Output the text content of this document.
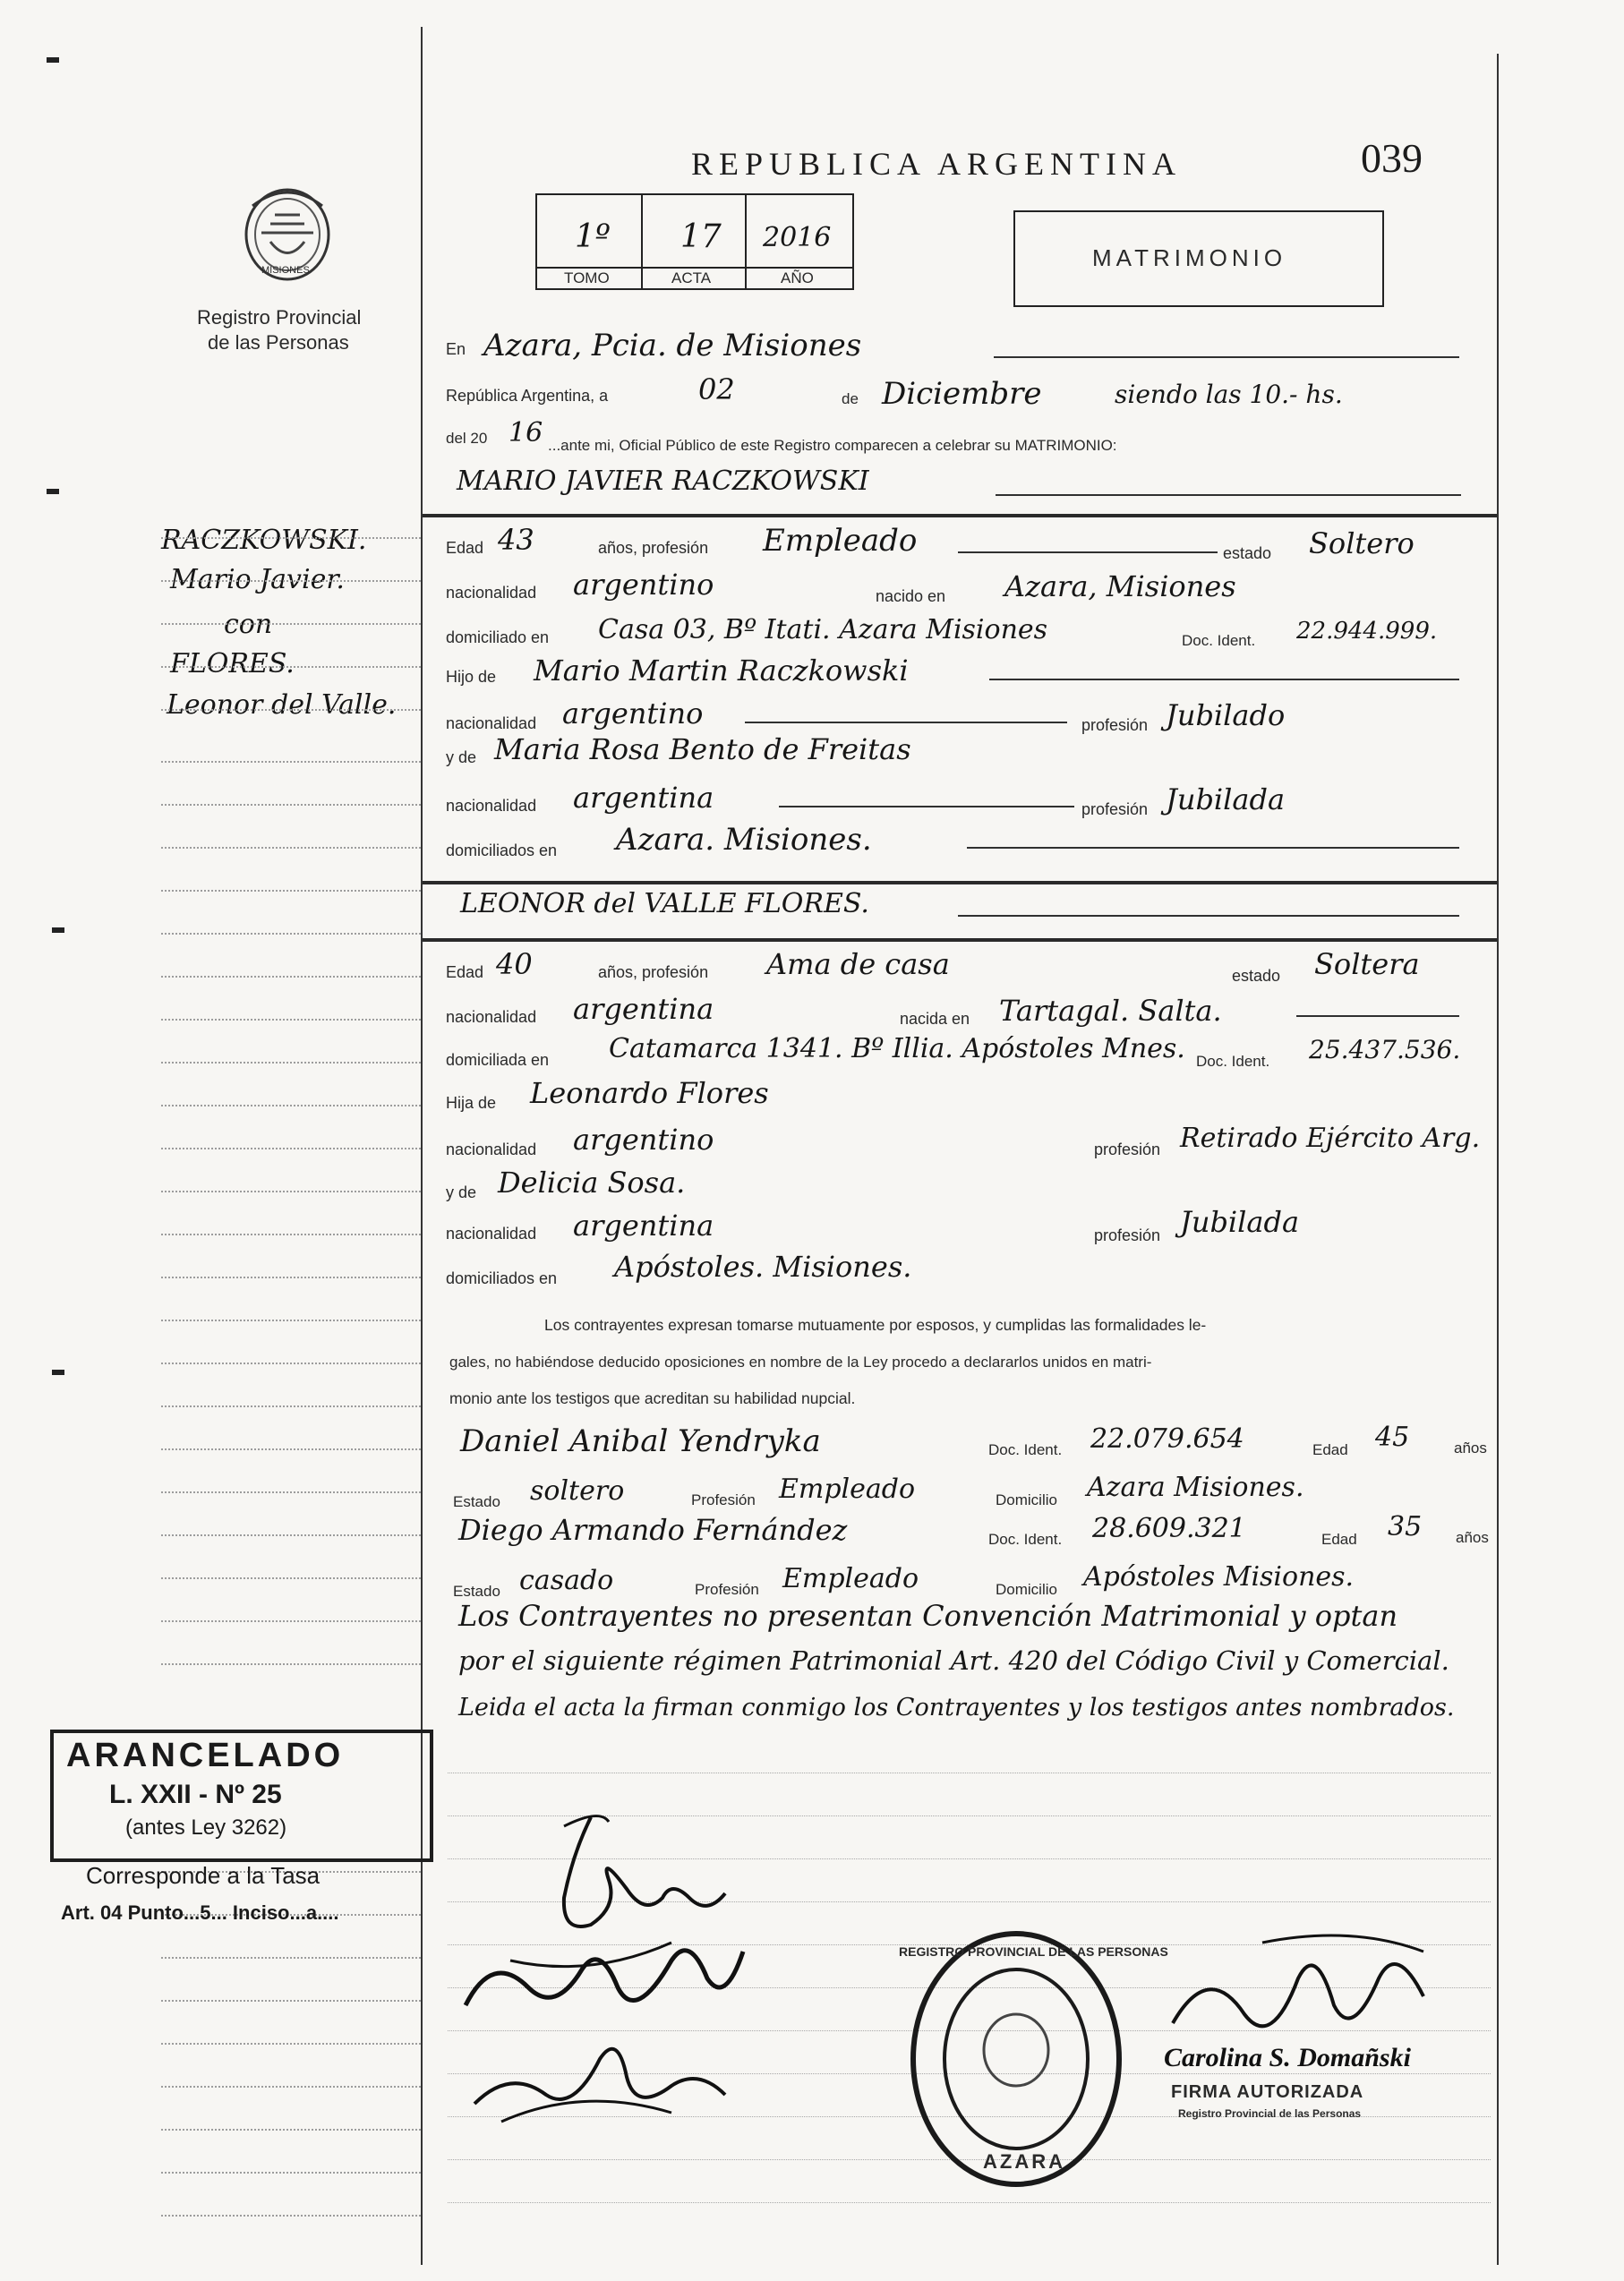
MISIONES
Registro Provincial
de las Personas
REPUBLICA ARGENTINA	039
1º 17 2016
TOMO	ACTA	AÑO
MATRIMONIO
RACZKOWSKI.
Mario Javier.
con
FLORES.
Leonor del Valle.
En Azara, Pcia. de Misiones
República Argentina, a	02	de Diciembre	siendo las 10.- hs.
del 20 16 ...ante mi, Oficial Público de este Registro comparecen a celebrar su MATRIMONIO:
MARIO JAVIER RACZKOWSKI
Edad 43	años, profesión Empleado	estado Soltero
nacionalidad argentino	nacido en Azara, Misiones
domiciliado en Casa 03, Bº Itati. Azara Misiones	Doc. Ident. 22.944.999.
Hijo de Mario Martin Raczkowski
nacionalidad argentino	profesión Jubilado
y de Maria Rosa Bento de Freitas
nacionalidad argentina	profesión Jubilada
domiciliados en Azara. Misiones.
LEONOR del VALLE FLORES.
Edad 40	años, profesión Ama de casa	estado Soltera
nacionalidad argentina	nacida en Tartagal. Salta.
domiciliada en Catamarca 1341. Bº Illia. Apóstoles Mnes. Doc. Ident. 25.437.536.
Hija de Leonardo Flores
nacionalidad argentino	profesión Retirado Ejército Arg.
y de Delicia Sosa.
nacionalidad argentina	profesión Jubilada
domiciliados en Apóstoles. Misiones.
Los contrayentes expresan tomarse mutuamente por esposos, y cumplidas las formalidades le-
gales, no habiéndose deducido oposiciones en nombre de la Ley procedo a declararlos unidos en matri-
monio ante los testigos que acreditan su habilidad nupcial.
Daniel Anibal Yendryka	Doc. Ident. 22.079.654	Edad 45	años
Estado soltero	Profesión Empleado	Domicilio Azara Misiones.
Diego Armando Fernández	Doc. Ident. 28.609.321	Edad 35 años
Estado casado	Profesión Empleado	Domicilio Apóstoles Misiones.
Los Contrayentes no presentan Convención Matrimonial y optan
por el siguiente régimen Patrimonial Art. 420 del Código Civil y Comercial.
Leida el acta la firman conmigo los Contrayentes y los testigos antes nombrados.
ARANCELADO
L. XXII - Nº 25
(antes Ley 3262)
Corresponde a la Tasa
Art. 04 Punto...5... Inciso...a....
REGISTRO PROVINCIAL DE LAS PERSONAS
AZARA
Carolina S. Domañski
FIRMA AUTORIZADA
Registro Provincial de las Personas
